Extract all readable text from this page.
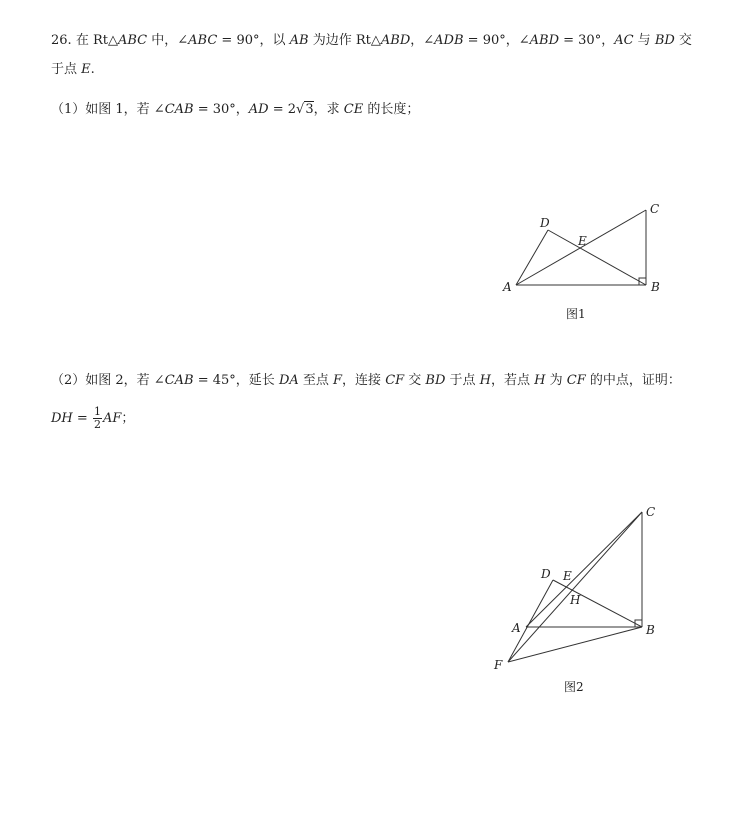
26. 在 Rt△ABC 中，∠ABC = 90°，以 AB 为边作 Rt△ABD，∠ADB = 90°，∠ABD = 30°，AC 与 BD 交
于点 E.
（1）如图 1，若 ∠CAB = 30°，AD = 2√3，求 CE 的长度；
（2）如图 2，若 ∠CAB = 45°，延长 DA 至点 F，连接 CF 交 BD 于点 H，若点 H 为 CF 的中点，证明：
DH = $\frac{1}{2}$ AF；
A	B
C
D
E
图1
A	B
C
D E
F
H
图2
